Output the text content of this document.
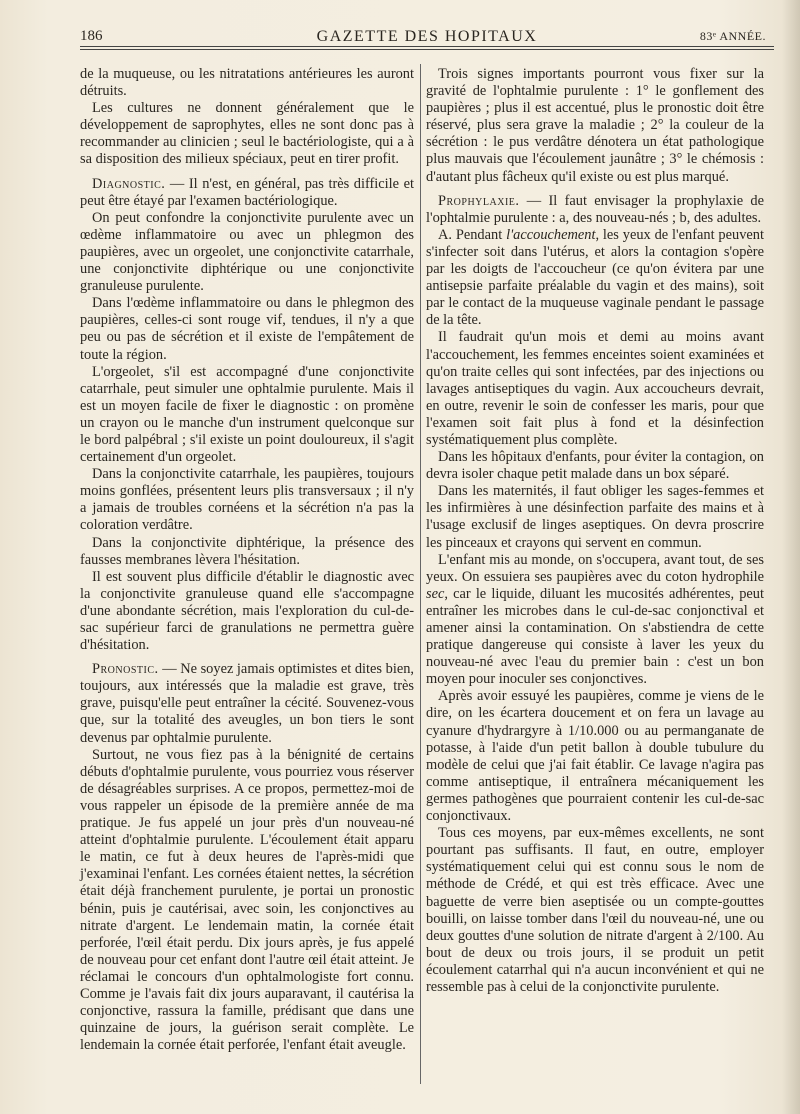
186	GAZETTE DES HOPITAUX	83ᵉ ANNÉE.

de la muqueuse, ou les nitratations antérieures les auront détruits.

Les cultures ne donnent généralement que le développement de saprophytes, elles ne sont donc pas à recommander au clinicien ; seul le bactériologiste, qui a à sa disposition des milieux spéciaux, peut en tirer profit.

Diagnostic. — Il n'est, en général, pas très difficile et peut être étayé par l'examen bactériologique.

On peut confondre la conjonctivite purulente avec un œdème inflammatoire ou avec un phlegmon des paupières, avec un orgeolet, une conjonctivite catarrhale, une conjonctivite diphtérique ou une conjonctivite granuleuse purulente.

Dans l'œdème inflammatoire ou dans le phlegmon des paupières, celles-ci sont rouge vif, tendues, il n'y a que peu ou pas de sécrétion et il existe de l'empâtement de toute la région.

L'orgeolet, s'il est accompagné d'une conjonctivite catarrhale, peut simuler une ophtalmie purulente. Mais il est un moyen facile de fixer le diagnostic : on promène un crayon ou le manche d'un instrument quelconque sur le bord palpébral ; s'il existe un point douloureux, il s'agit certainement d'un orgeolet.

Dans la conjonctivite catarrhale, les paupières, toujours moins gonflées, présentent leurs plis transversaux ; il n'y a jamais de troubles cornéens et la sécrétion n'a pas la coloration verdâtre.

Dans la conjonctivite diphtérique, la présence des fausses membranes lèvera l'hésitation.

Il est souvent plus difficile d'établir le diagnostic avec la conjonctivite granuleuse quand elle s'accompagne d'une abondante sécrétion, mais l'exploration du cul-de-sac supérieur farci de granulations ne permettra guère d'hésitation.

Pronostic. — Ne soyez jamais optimistes et dites bien, toujours, aux intéressés que la maladie est grave, très grave, puisqu'elle peut entraîner la cécité. Souvenez-vous que, sur la totalité des aveugles, un bon tiers le sont devenus par ophtalmie purulente.

Surtout, ne vous fiez pas à la bénignité de certains débuts d'ophtalmie purulente, vous pourriez vous réserver de désagréables surprises. A ce propos, permettez-moi de vous rappeler un épisode de la première année de ma pratique. Je fus appelé un jour près d'un nouveau-né atteint d'ophtalmie purulente. L'écoulement était apparu le matin, ce fut à deux heures de l'après-midi que j'examinai l'enfant. Les cornées étaient nettes, la sécrétion était déjà franchement purulente, je portai un pronostic bénin, puis je cautérisai, avec soin, les conjonctives au nitrate d'argent. Le lendemain matin, la cornée était perforée, l'œil était perdu. Dix jours après, je fus appelé de nouveau pour cet enfant dont l'autre œil était atteint. Je réclamai le concours d'un ophtalmologiste fort connu. Comme je l'avais fait dix jours auparavant, il cautérisa la conjonctive, rassura la famille, prédisant que dans une quinzaine de jours, la guérison serait complète. Le lendemain la cornée était perforée, l'enfant était aveugle.

Trois signes importants pourront vous fixer sur la gravité de l'ophtalmie purulente : 1° le gonflement des paupières ; plus il est accentué, plus le pronostic doit être réservé, plus sera grave la maladie ; 2° la couleur de la sécrétion : le pus verdâtre dénotera un état pathologique plus mauvais que l'écoulement jaunâtre ; 3° le chémosis : d'autant plus fâcheux qu'il existe ou est plus marqué.

Prophylaxie. — Il faut envisager la prophylaxie de l'ophtalmie purulente : a, des nouveau-nés ; b, des adultes.

A. Pendant l'accouchement, les yeux de l'enfant peuvent s'infecter soit dans l'utérus, et alors la contagion s'opère par les doigts de l'accoucheur (ce qu'on évitera par une antisepsie parfaite préalable du vagin et des mains), soit par le contact de la muqueuse vaginale pendant le passage de la tête.

Il faudrait qu'un mois et demi au moins avant l'accouchement, les femmes enceintes soient examinées et qu'on traite celles qui sont infectées, par des injections ou lavages antiseptiques du vagin. Aux accoucheurs devrait, en outre, revenir le soin de confesser les maris, pour que l'examen soit fait plus à fond et la désinfection systématiquement plus complète.

Dans les hôpitaux d'enfants, pour éviter la contagion, on devra isoler chaque petit malade dans un box séparé.

Dans les maternités, il faut obliger les sages-femmes et les infirmières à une désinfection parfaite des mains et à l'usage exclusif de linges aseptiques. On devra proscrire les pinceaux et crayons qui servent en commun.

L'enfant mis au monde, on s'occupera, avant tout, de ses yeux. On essuiera ses paupières avec du coton hydrophile sec, car le liquide, diluant les mucosités adhérentes, peut entraîner les microbes dans le cul-de-sac conjonctival et amener ainsi la contamination. On s'abstiendra de cette pratique dangereuse qui consiste à laver les yeux du nouveau-né avec l'eau du premier bain : c'est un bon moyen pour inoculer ses conjonctives.

Après avoir essuyé les paupières, comme je viens de le dire, on les écartera doucement et on fera un lavage au cyanure d'hydrargyre à 1/10.000 ou au permanganate de potasse, à l'aide d'un petit ballon à double tubulure du modèle de celui que j'ai fait établir. Ce lavage n'agira pas comme antiseptique, il entraînera mécaniquement les germes pathogènes que pourraient contenir les cul-de-sac conjonctivaux.

Tous ces moyens, par eux-mêmes excellents, ne sont pourtant pas suffisants. Il faut, en outre, employer systématiquement celui qui est connu sous le nom de méthode de Crédé, et qui est très efficace. Avec une baguette de verre bien aseptisée ou un compte-gouttes bouilli, on laisse tomber dans l'œil du nouveau-né, une ou deux gouttes d'une solution de nitrate d'argent à 2/100. Au bout de deux ou trois jours, il se produit un petit écoulement catarrhal qui n'a aucun inconvénient et qui ne ressemble pas à celui de la conjonctivite purulente.
